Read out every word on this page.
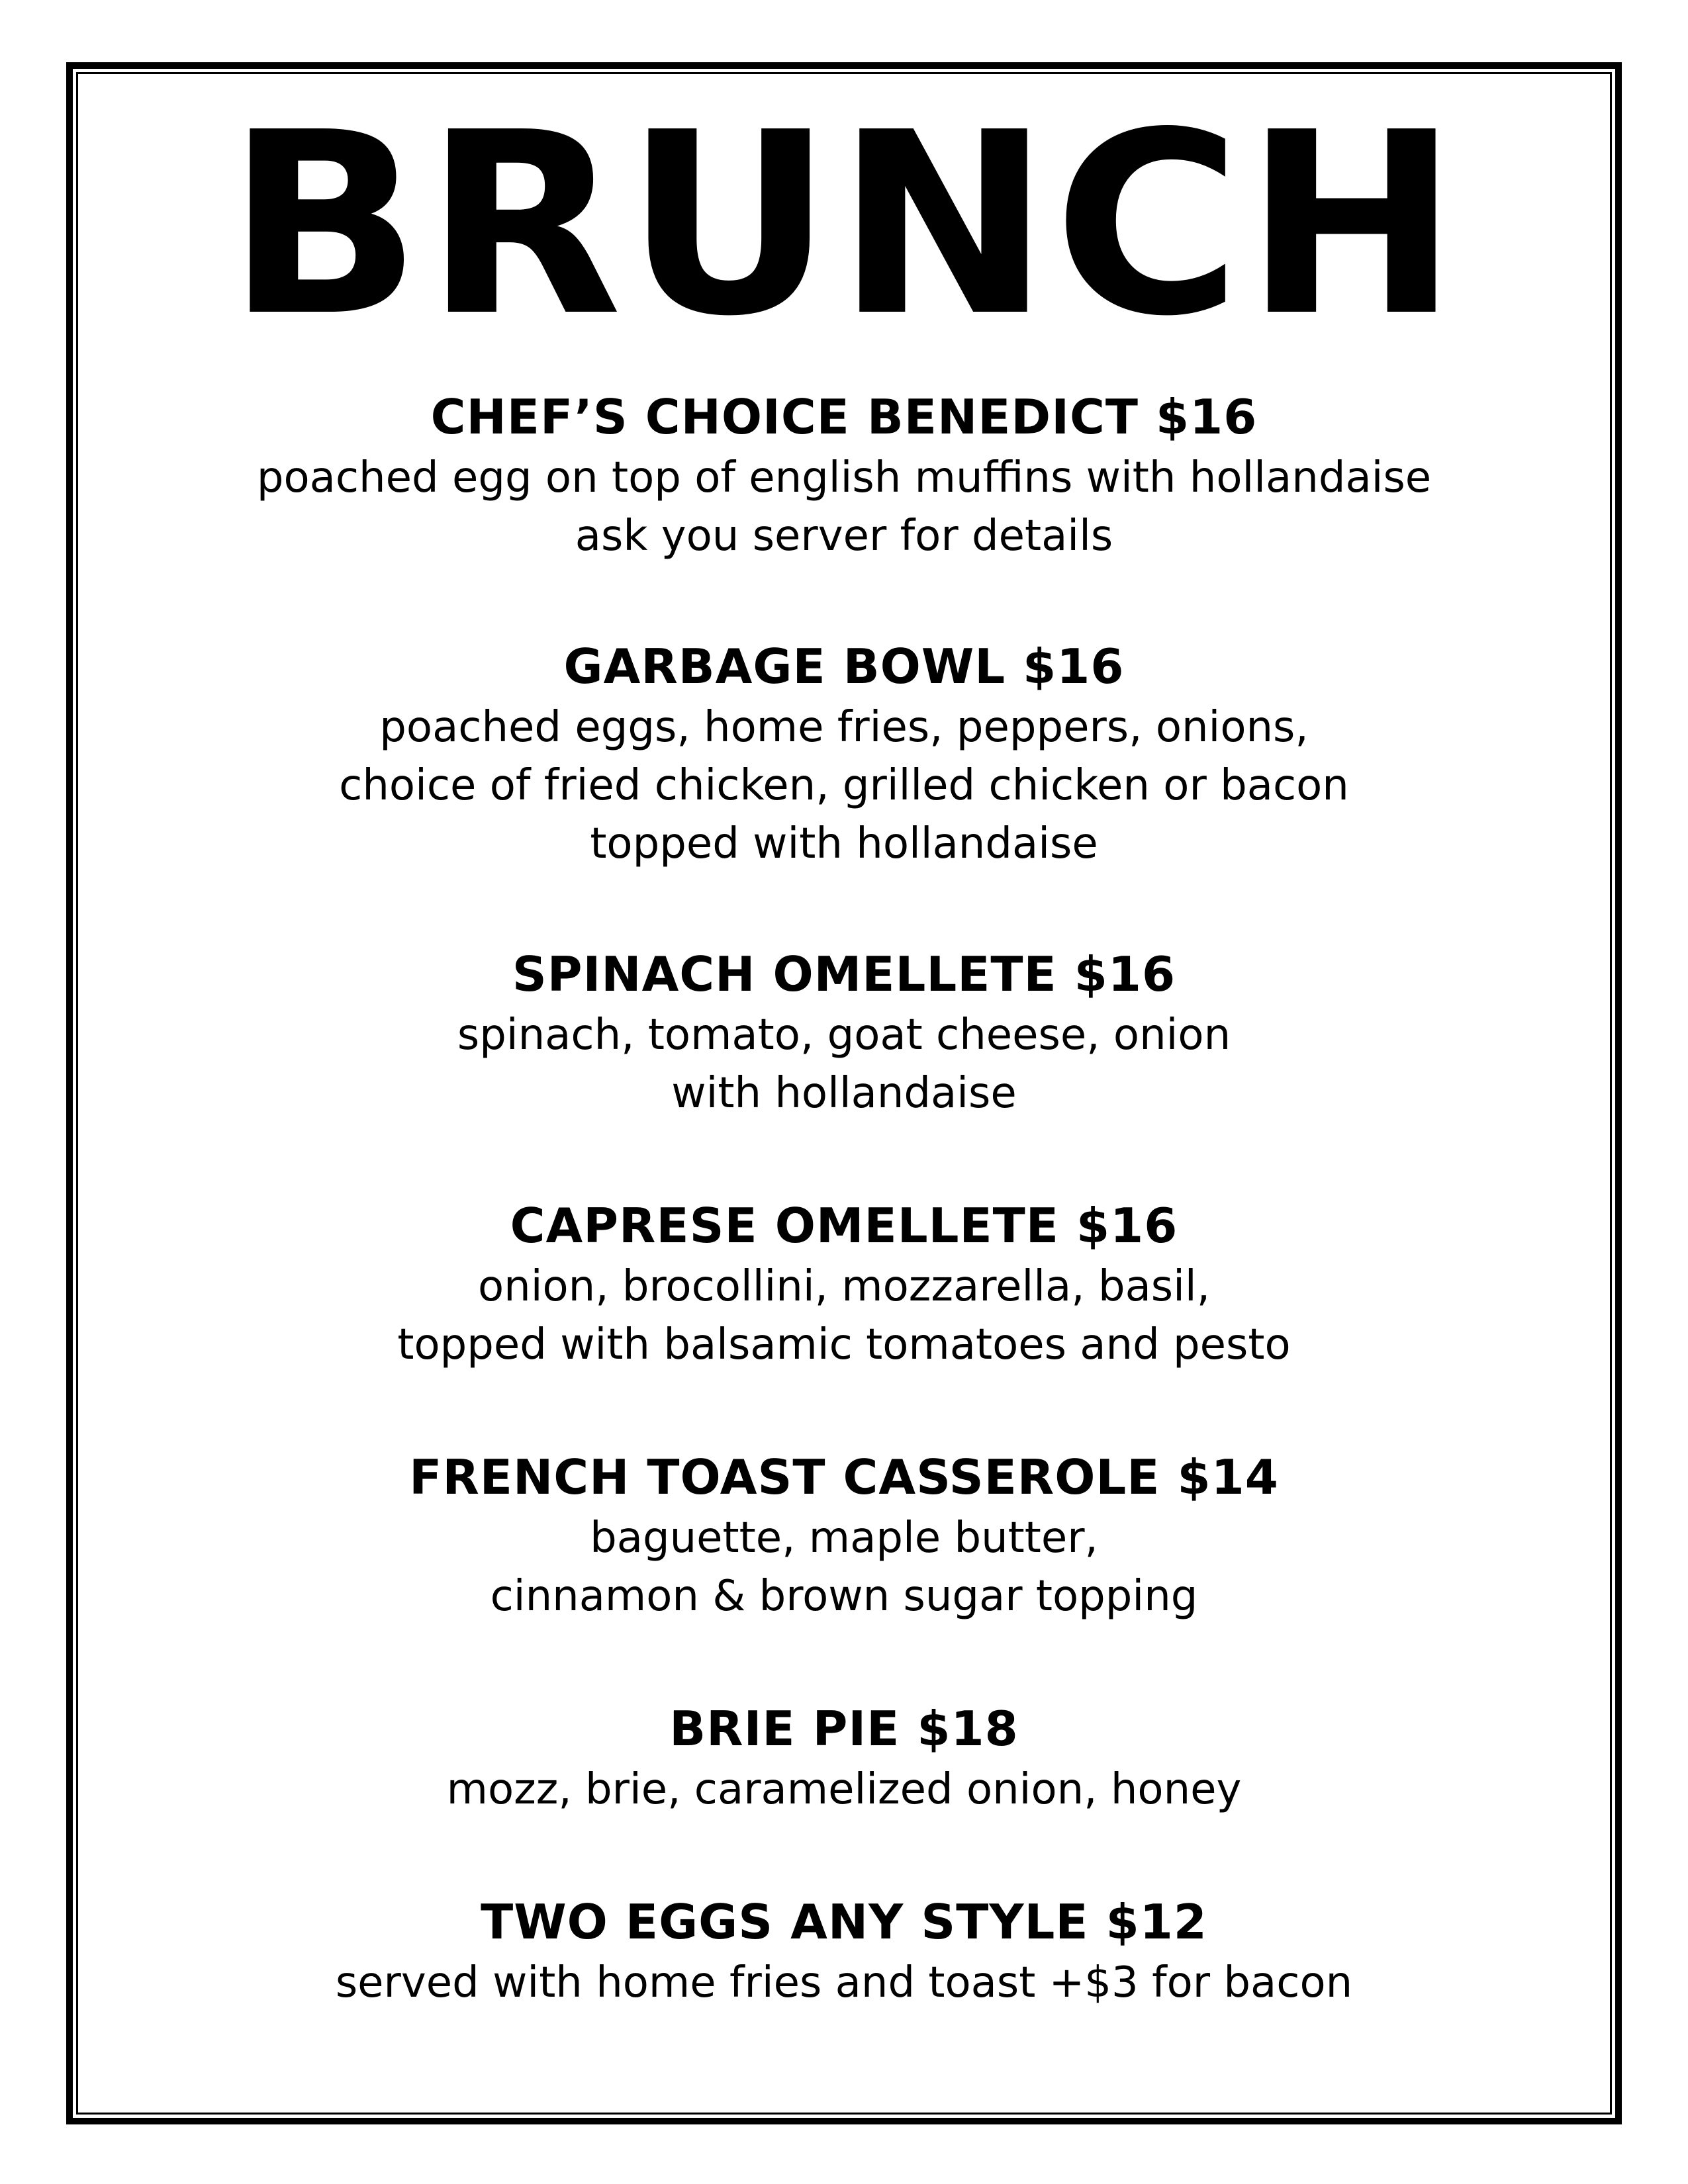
BRUNCH
CHEF’S CHOICE BENEDICT $16
poached egg on top of english muffins with hollandaise
ask you server for details
GARBAGE BOWL $16
poached eggs, home fries, peppers, onions,
choice of fried chicken, grilled chicken or bacon
topped with hollandaise
SPINACH OMELLETE $16
spinach, tomato, goat cheese, onion
with hollandaise
CAPRESE OMELLETE $16
onion, brocollini, mozzarella, basil,
topped with balsamic tomatoes and pesto
FRENCH TOAST CASSEROLE $14
baguette, maple butter,
cinnamon & brown sugar topping
BRIE PIE $18
mozz, brie, caramelized onion, honey
TWO EGGS ANY STYLE $12
served with home fries and toast +$3 for bacon
